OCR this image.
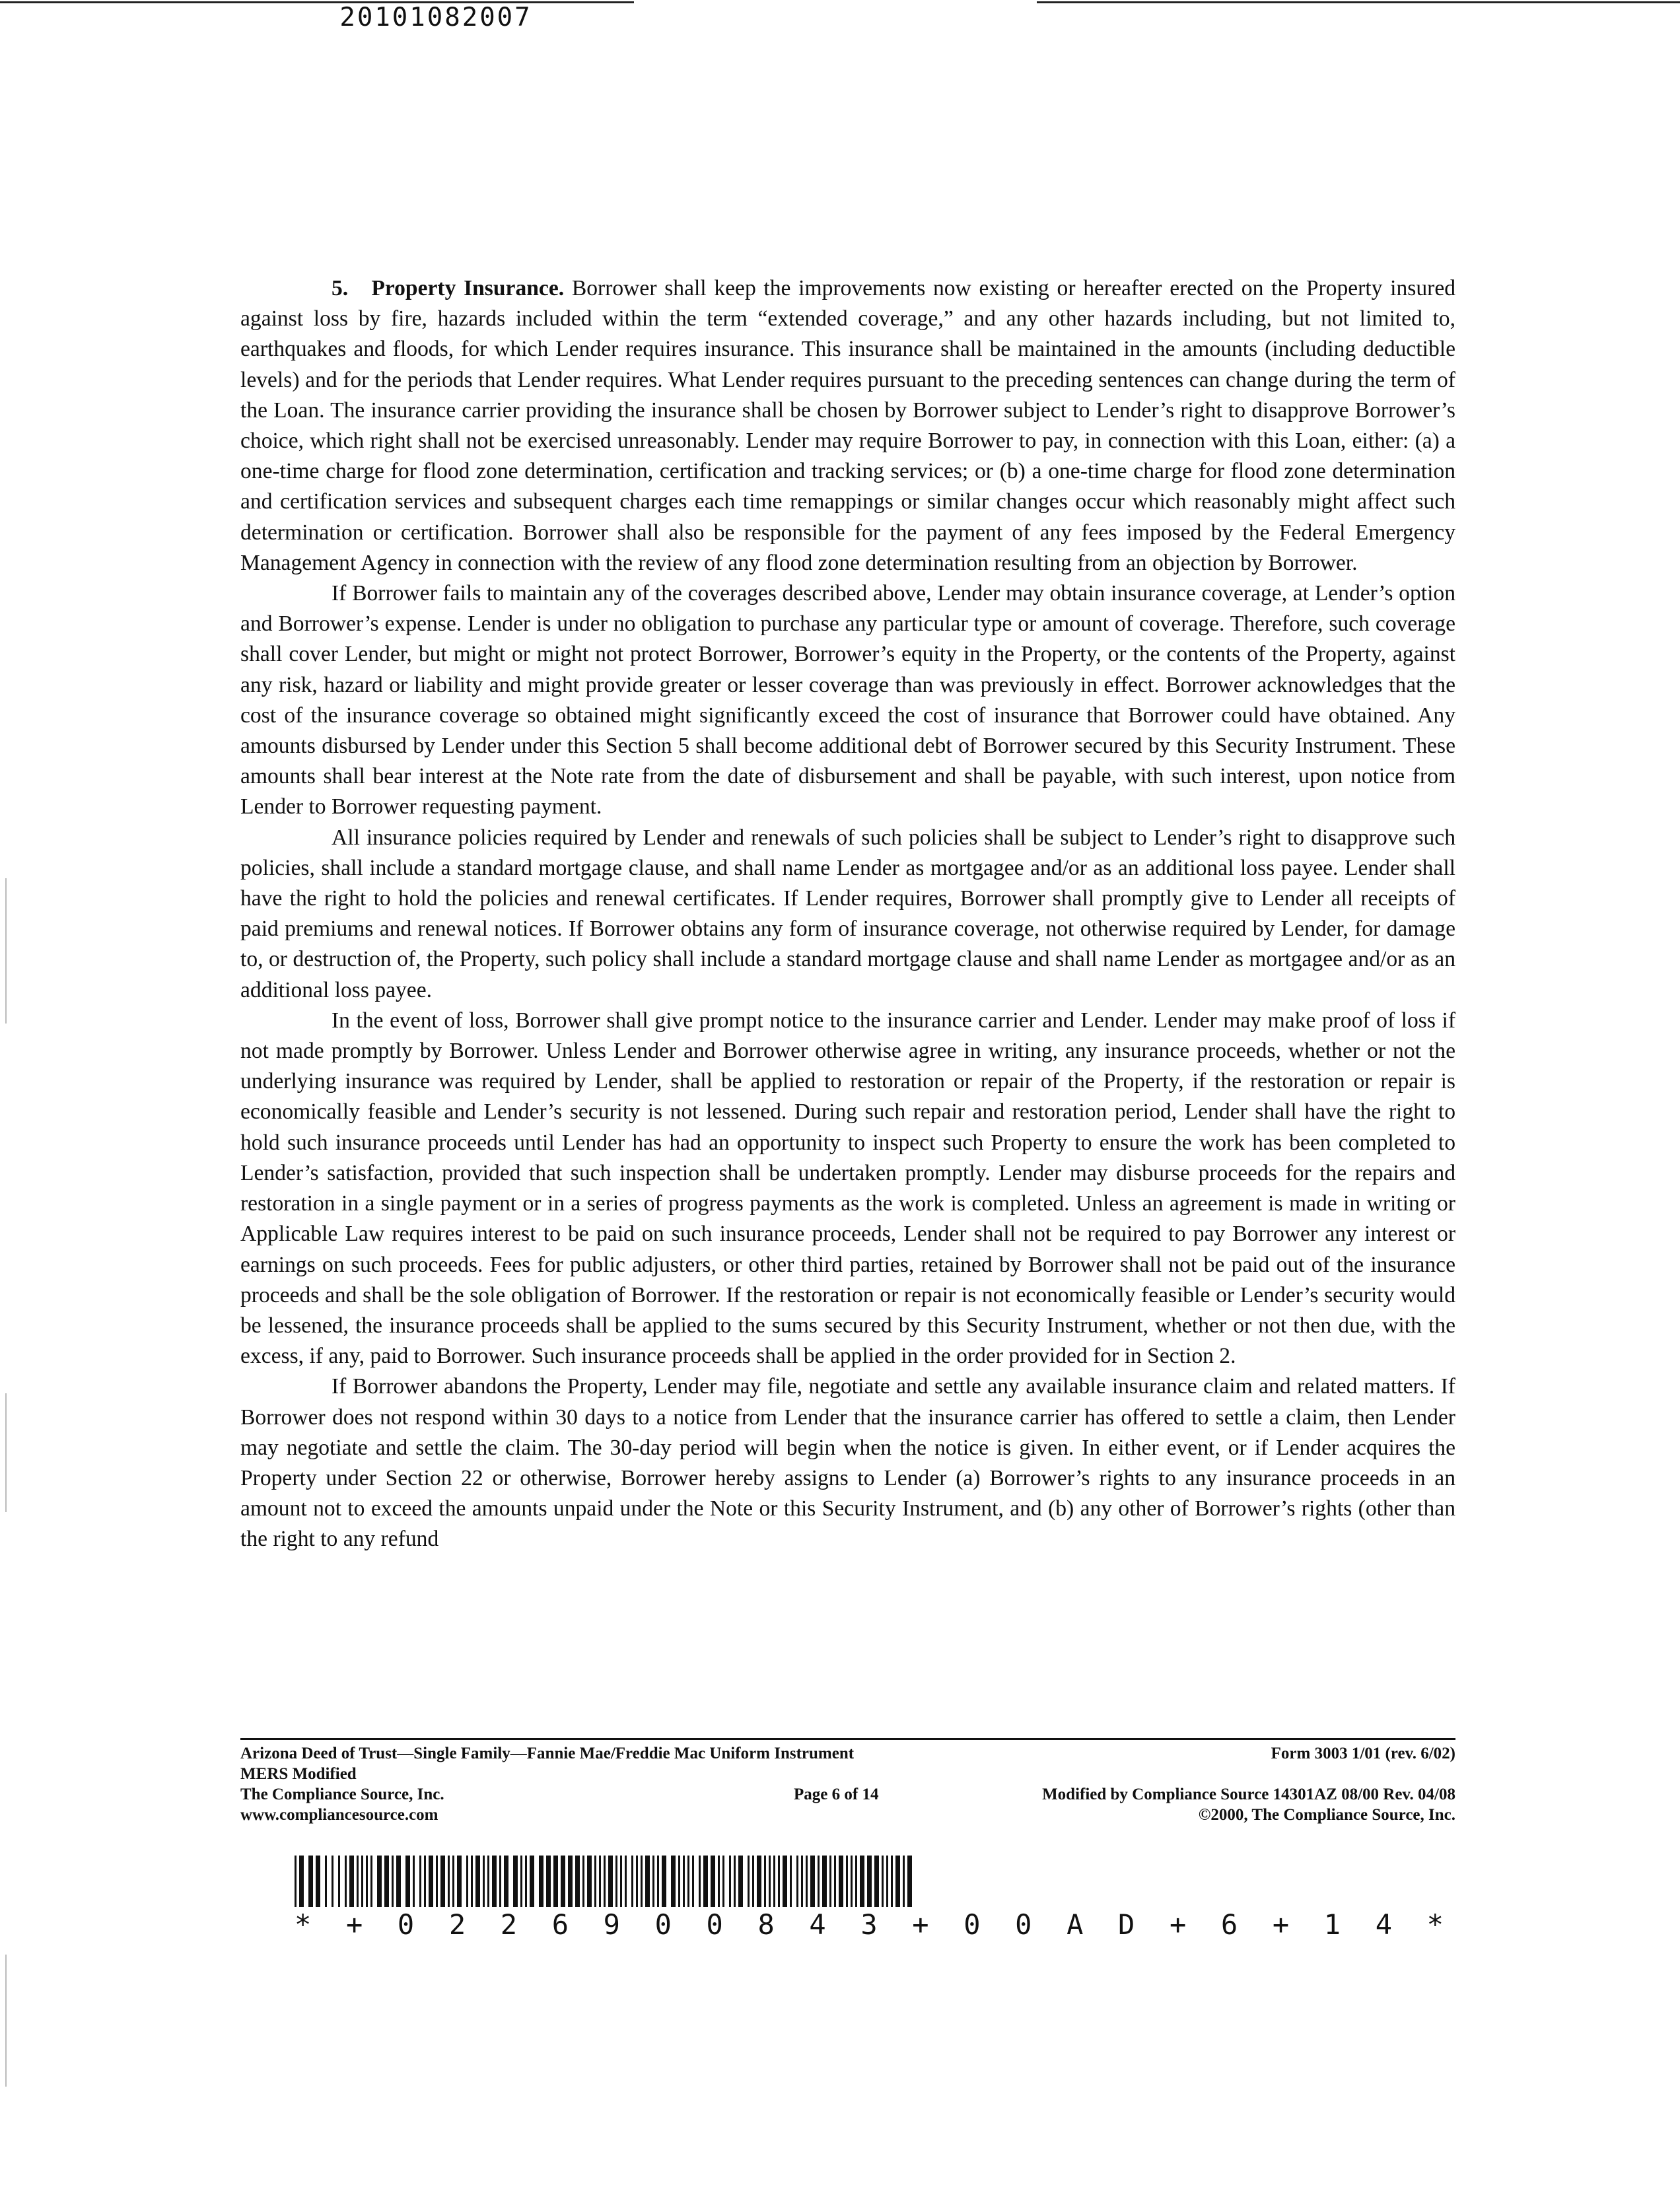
20101082007

5. Property Insurance. Borrower shall keep the improvements now existing or hereafter erected on the Property insured against loss by fire, hazards included within the term “extended coverage,” and any other hazards including, but not limited to, earthquakes and floods, for which Lender requires insurance. This insurance shall be maintained in the amounts (including deductible levels) and for the periods that Lender requires. What Lender requires pursuant to the preceding sentences can change during the term of the Loan. The insurance carrier providing the insurance shall be chosen by Borrower subject to Lender’s right to disapprove Borrower’s choice, which right shall not be exercised unreasonably. Lender may require Borrower to pay, in connection with this Loan, either: (a) a one-time charge for flood zone determination, certification and tracking services; or (b) a one-time charge for flood zone determination and certification services and subsequent charges each time remappings or similar changes occur which reasonably might affect such determination or certification. Borrower shall also be responsible for the payment of any fees imposed by the Federal Emergency Management Agency in connection with the review of any flood zone determination resulting from an objection by Borrower.

If Borrower fails to maintain any of the coverages described above, Lender may obtain insurance coverage, at Lender’s option and Borrower’s expense. Lender is under no obligation to purchase any particular type or amount of coverage. Therefore, such coverage shall cover Lender, but might or might not protect Borrower, Borrower’s equity in the Property, or the contents of the Property, against any risk, hazard or liability and might provide greater or lesser coverage than was previously in effect. Borrower acknowledges that the cost of the insurance coverage so obtained might significantly exceed the cost of insurance that Borrower could have obtained. Any amounts disbursed by Lender under this Section 5 shall become additional debt of Borrower secured by this Security Instrument. These amounts shall bear interest at the Note rate from the date of disbursement and shall be payable, with such interest, upon notice from Lender to Borrower requesting payment.

All insurance policies required by Lender and renewals of such policies shall be subject to Lender’s right to disapprove such policies, shall include a standard mortgage clause, and shall name Lender as mortgagee and/or as an additional loss payee. Lender shall have the right to hold the policies and renewal certificates. If Lender requires, Borrower shall promptly give to Lender all receipts of paid premiums and renewal notices. If Borrower obtains any form of insurance coverage, not otherwise required by Lender, for damage to, or destruction of, the Property, such policy shall include a standard mortgage clause and shall name Lender as mortgagee and/or as an additional loss payee.

In the event of loss, Borrower shall give prompt notice to the insurance carrier and Lender. Lender may make proof of loss if not made promptly by Borrower. Unless Lender and Borrower otherwise agree in writing, any insurance proceeds, whether or not the underlying insurance was required by Lender, shall be applied to restoration or repair of the Property, if the restoration or repair is economically feasible and Lender’s security is not lessened. During such repair and restoration period, Lender shall have the right to hold such insurance proceeds until Lender has had an opportunity to inspect such Property to ensure the work has been completed to Lender’s satisfaction, provided that such inspection shall be undertaken promptly. Lender may disburse proceeds for the repairs and restoration in a single payment or in a series of progress payments as the work is completed. Unless an agreement is made in writing or Applicable Law requires interest to be paid on such insurance proceeds, Lender shall not be required to pay Borrower any interest or earnings on such proceeds. Fees for public adjusters, or other third parties, retained by Borrower shall not be paid out of the insurance proceeds and shall be the sole obligation of Borrower. If the restoration or repair is not economically feasible or Lender’s security would be lessened, the insurance proceeds shall be applied to the sums secured by this Security Instrument, whether or not then due, with the excess, if any, paid to Borrower. Such insurance proceeds shall be applied in the order provided for in Section 2.

If Borrower abandons the Property, Lender may file, negotiate and settle any available insurance claim and related matters. If Borrower does not respond within 30 days to a notice from Lender that the insurance carrier has offered to settle a claim, then Lender may negotiate and settle the claim. The 30-day period will begin when the notice is given. In either event, or if Lender acquires the Property under Section 22 or otherwise, Borrower hereby assigns to Lender (a) Borrower’s rights to any insurance proceeds in an amount not to exceed the amounts unpaid under the Note or this Security Instrument, and (b) any other of Borrower’s rights (other than the right to any refund

Arizona Deed of Trust—Single Family—Fannie Mae/Freddie Mac Uniform Instrument	Form 3003 1/01 (rev. 6/02)
MERS Modified
The Compliance Source, Inc.	Page 6 of 14	Modified by Compliance Source 14301AZ 08/00 Rev. 04/08
www.compliancesource.com	©2000, The Compliance Source, Inc.
* + 0 2 2 6 9 0 0 8 4 3 + 0 0 A D + 6 + 1 4 *
